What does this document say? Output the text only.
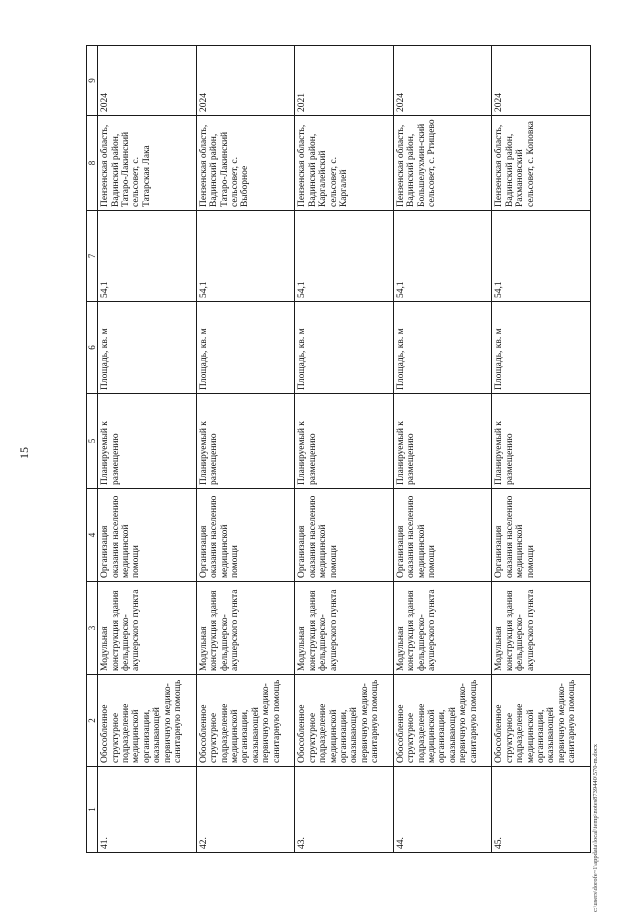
15
c:\users\dorofe~1\appdata\local\temp\notes8739440\570-m.docx
1	2	3	4	5	6	7	8	9
41.	Обособленное структурное подразделение медицинской организации, оказывающей первичную медико-санитарную помощь	Модульная конструкция здания фельдшерско-акушерского пункта	Организация оказания населению медицинской помощи	Планируемый к размещению	Площадь, кв. м	54,1	Пензенская область, Вадинский район, Татаро-Лакинский сельсовет, с. Татарская Лака	2024
42.	Обособленное структурное подразделение медицинской организации, оказывающей первичную медико-санитарную помощь	Модульная конструкция здания фельдшерско-акушерского пункта	Организация оказания населению медицинской помощи	Планируемый к размещению	Площадь, кв. м	54,1	Пензенская область, Вадинский район, Татаро-Лакинский сельсовет, с. Выборное	2024
43.	Обособленное структурное подразделение медицинской организации, оказывающей первичную медико-санитарную помощь	Модульная конструкция здания фельдшерско-акушерского пункта	Организация оказания населению медицинской помощи	Планируемый к размещению	Площадь, кв. м	54,1	Пензенская область, Вадинский район, Каргалейский сельсовет, с. Каргалей	2021
44.	Обособленное структурное подразделение медицинской организации, оказывающей первичную медико-санитарную помощь	Модульная конструкция здания фельдшерско-акушерского пункта	Организация оказания населению медицинской помощи	Планируемый к размещению	Площадь, кв. м	54,1	Пензенская область, Вадинский район, Большелухмин-ский сельсовет, с. Ртищево	2024
45.	Обособленное структурное подразделение медицинской организации, оказывающей первичную медико-санитарную помощь	Модульная конструкция здания фельдшерско-акушерского пункта	Организация оказания населению медицинской помощи	Планируемый к размещению	Площадь, кв. м	54,1	Пензенская область, Вадинский район, Рахмановский сельсовет, с. Коповка	2024
